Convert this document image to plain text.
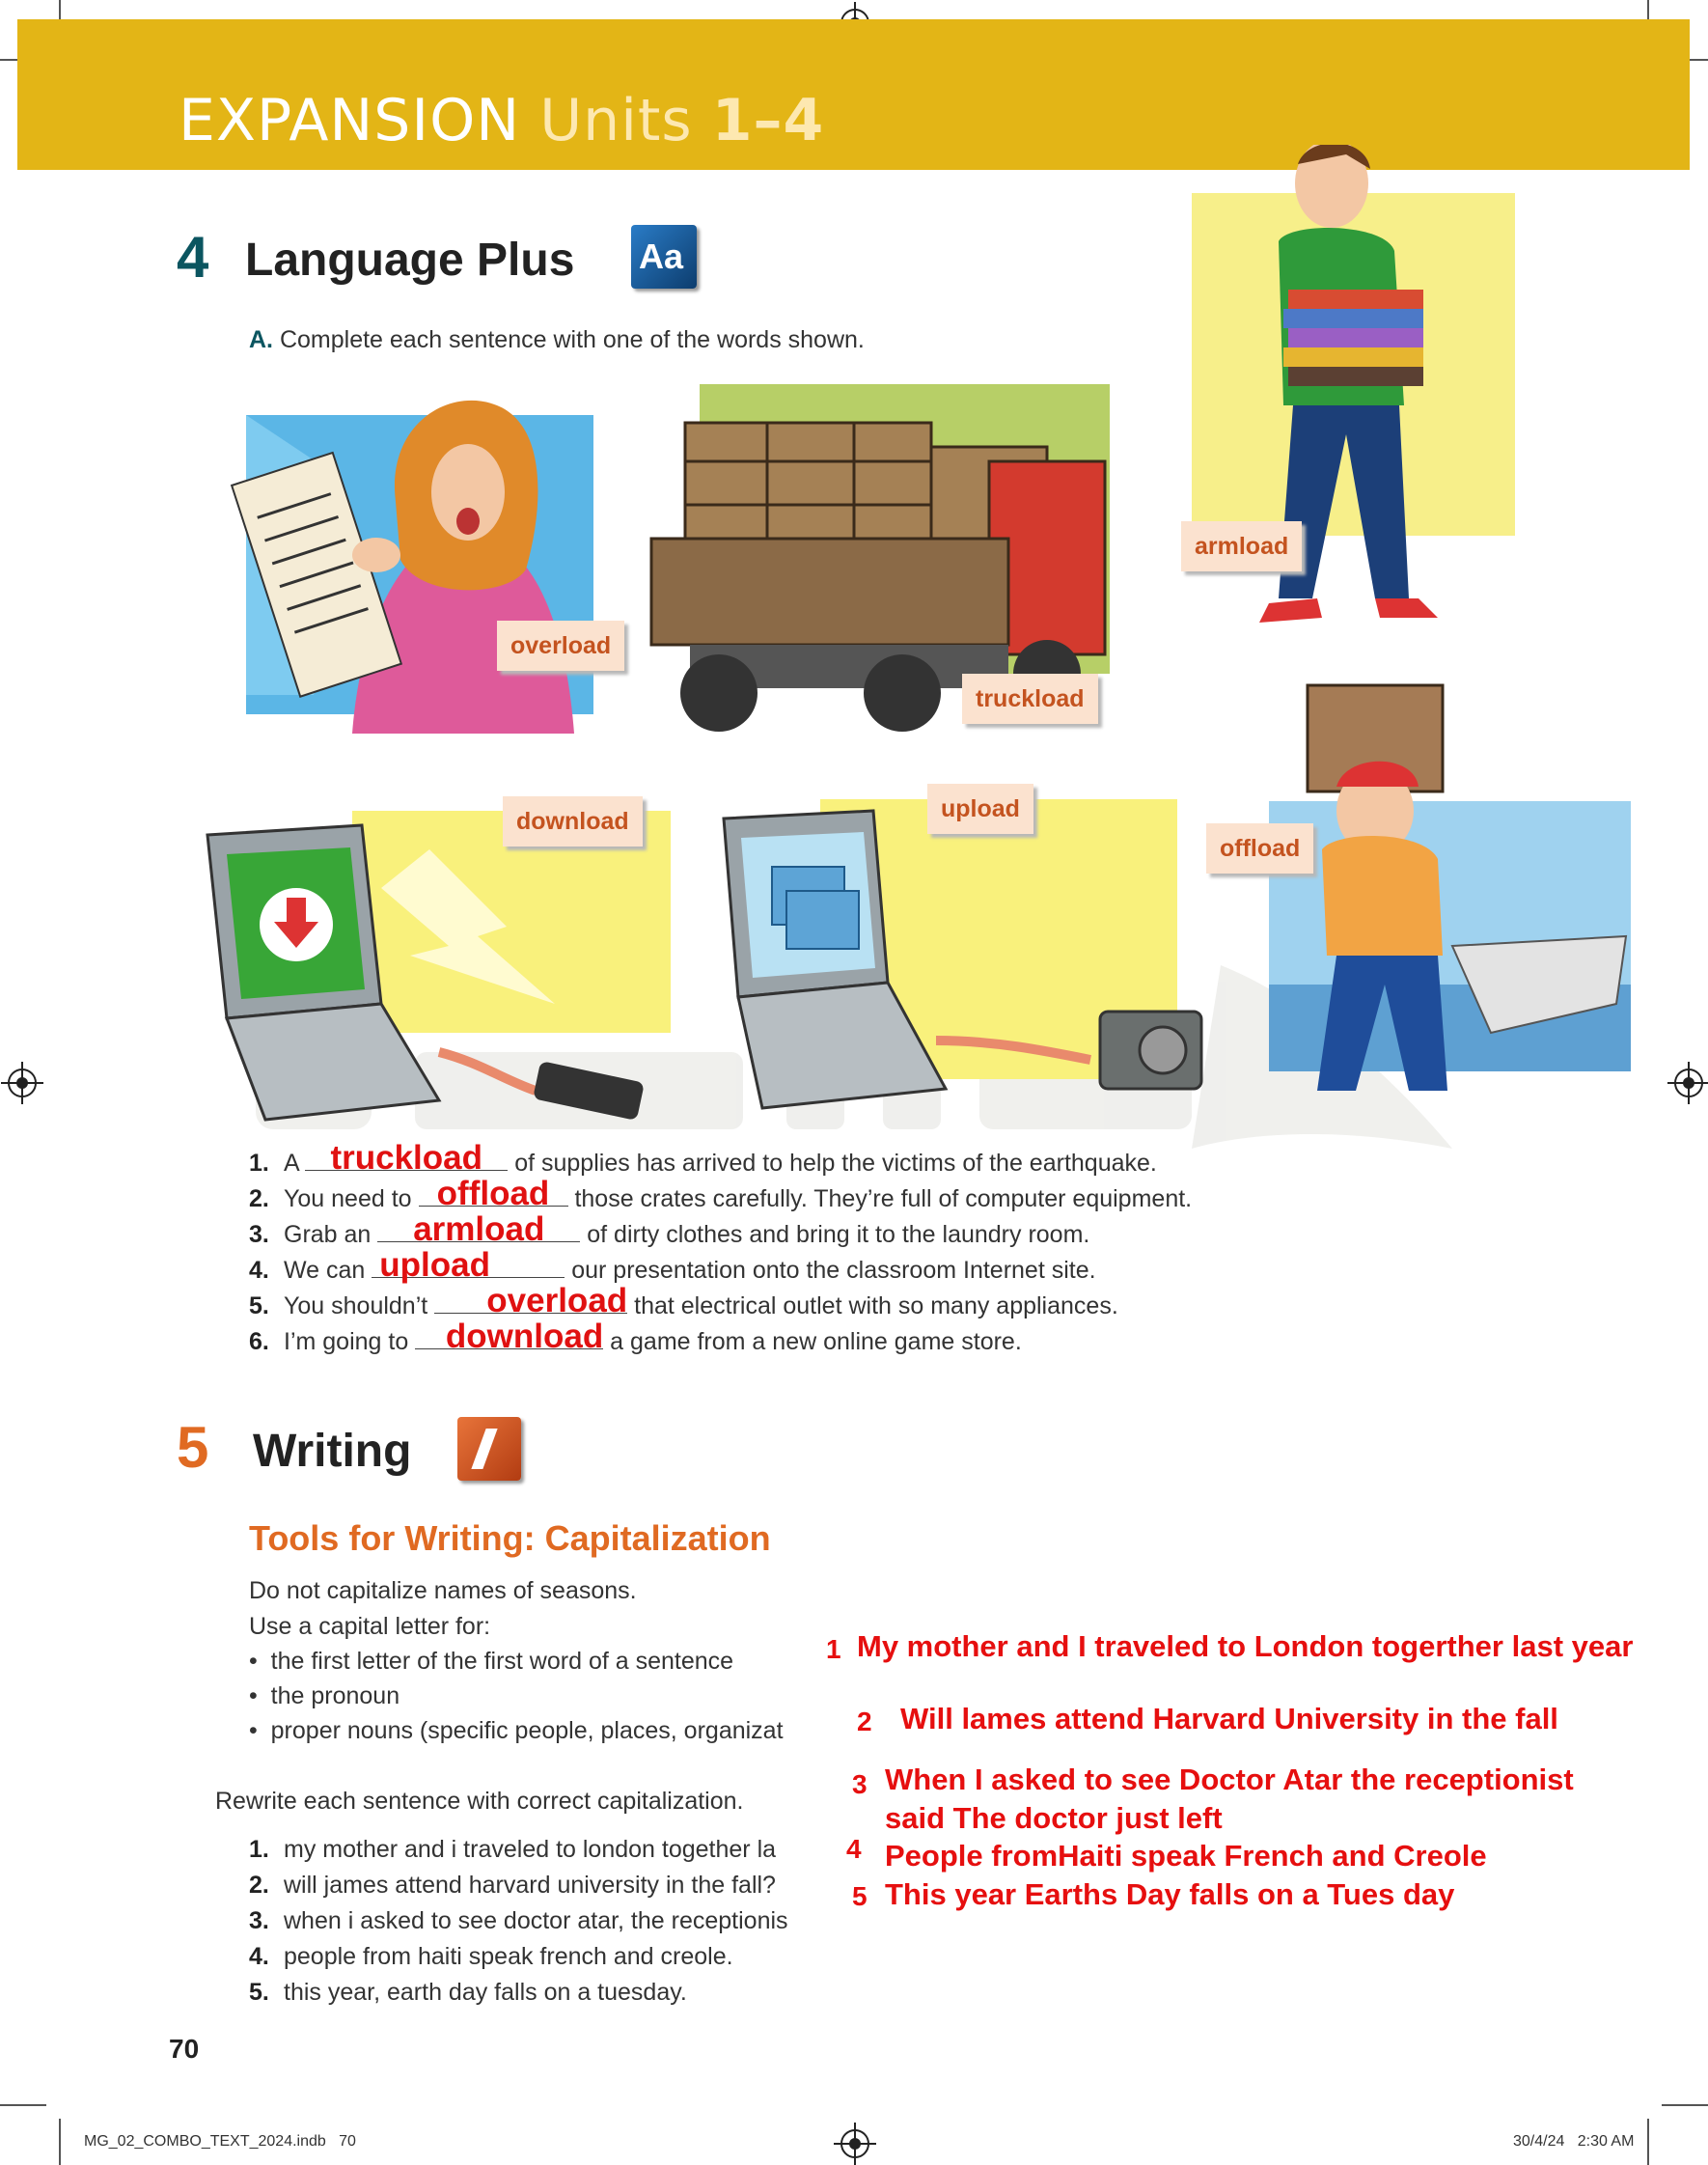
EXPANSION Units 1–4
4 Language Plus Aa
A. Complete each sentence with one of the words shown.
overload
truckload
armload
download	upload
offload
1. A truckload	of supplies has arrived to help the victims of the earthquake.
2. You need to offload	those crates carefully. They’re full of computer equipment.
3. Grab an	armload	of dirty clothes and bring it to the laundry room.
4. We can upload	our presentation onto the classroom Internet site.
5. You shouldn’t	overload that electrical outlet with so many appliances.
6. I’m going to	download a game from a new online game store.
5 Writing
Tools for Writing: Capitalization
Do not capitalize names of seasons.
Use a capital letter for:
•  the first letter of the first word of a sentence
•  the pronoun
•  proper nouns (specific people, places, organizat
Rewrite each sentence with correct capitalization.
1. my mother and i traveled to london together la
2. will james attend harvard university in the fall?
3. when i asked to see doctor atar, the receptionis
4. people from haiti speak french and creole.
5. this year, earth day falls on a tuesday.
1 My mother and I traveled to London togerther last year
2 Will lames attend Harvard University in the fall
3 When I asked to see Doctor Atar the receptionist
said The doctor just left
4 People fromHaiti speak French and Creole
5 This year Earths Day falls on a Tues day
70
MG_02_COMBO_TEXT_2024.indb   70	30/4/24   2:30 AM
